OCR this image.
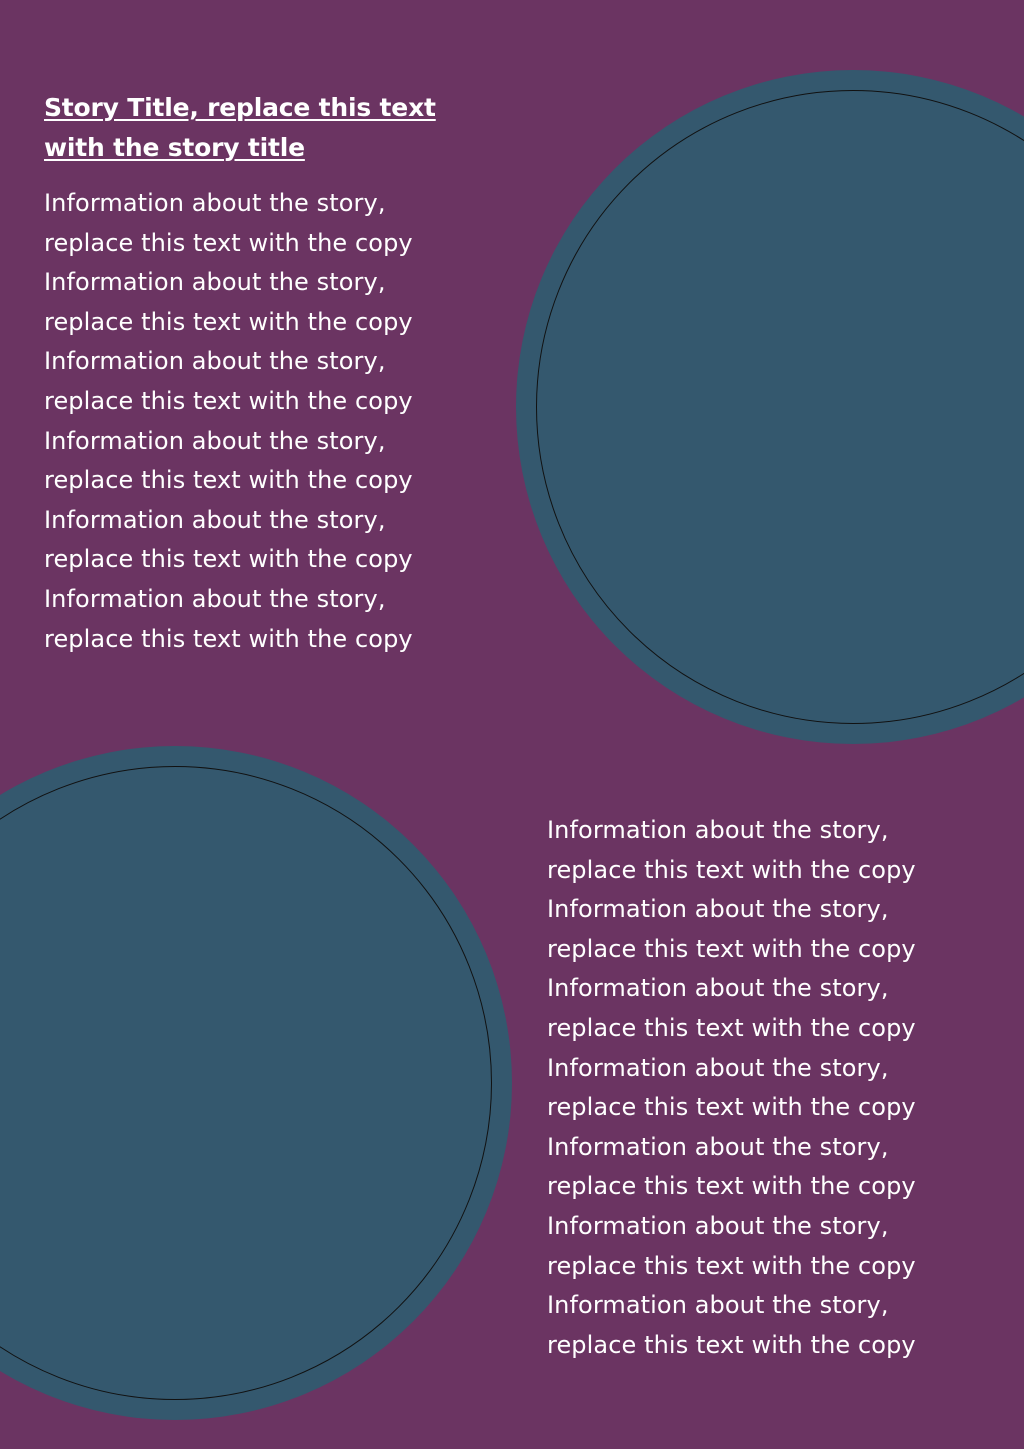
Story Title, replace this text with the story title
Information about the story,
replace this text with the copy
Information about the story,
replace this text with the copy
Information about the story,
replace this text with the copy
Information about the story,
replace this text with the copy
Information about the story,
replace this text with the copy
Information about the story,
replace this text with the copy
Information about the story,
replace this text with the copy
Information about the story,
replace this text with the copy
Information about the story,
replace this text with the copy
Information about the story,
replace this text with the copy
Information about the story,
replace this text with the copy
Information about the story,
replace this text with the copy
Information about the story,
replace this text with the copy
